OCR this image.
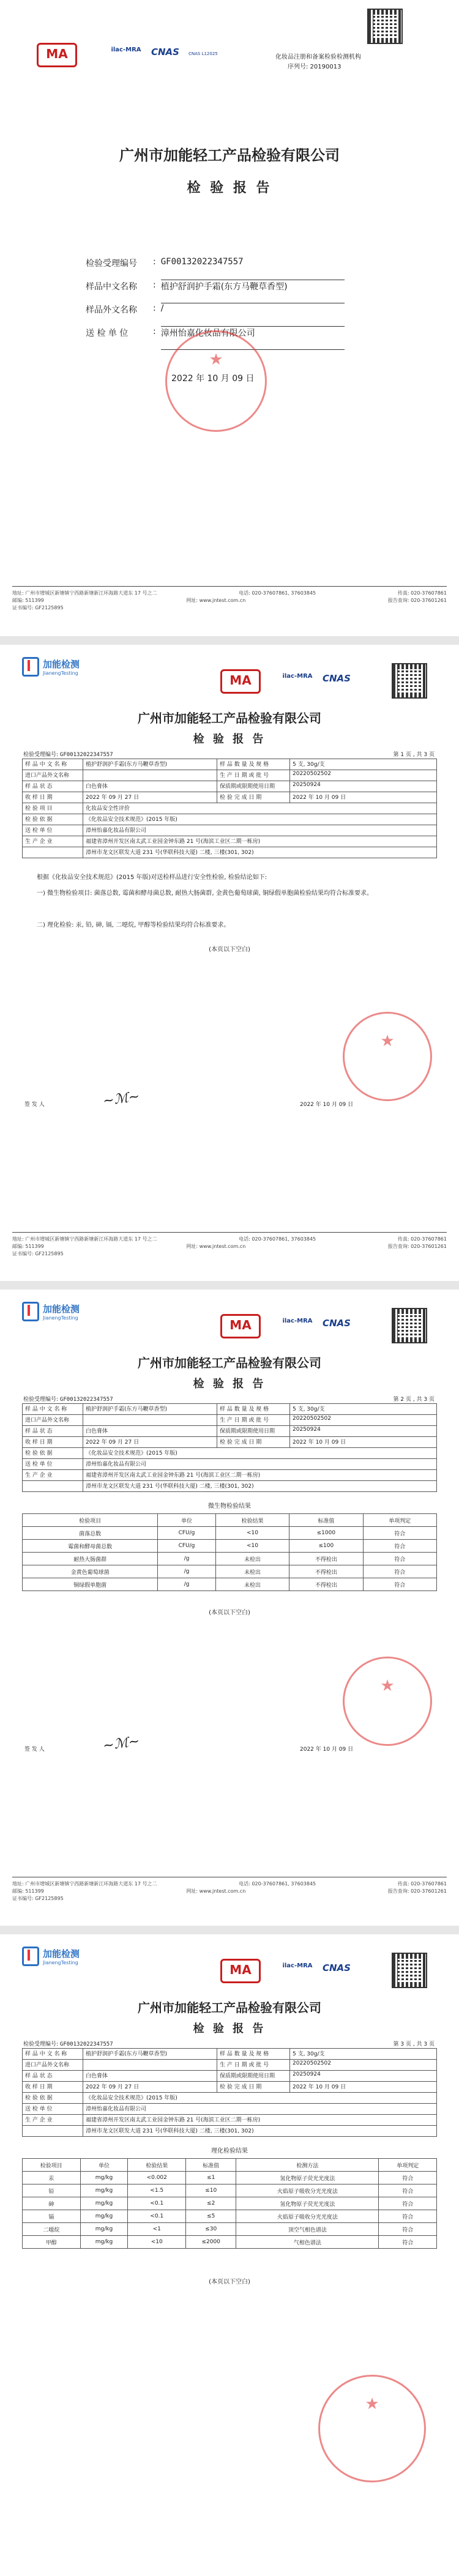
MA	ilac-MRA	CNAS	CNAS L12025	化妆品注册和备案检验检测机构
序列号: 20190013
广州市加能轻工产品检验有限公司
检 验 报 告
检验受理编号	: GF00132022347557
样品中文名称	: 植护舒润护手霜(东方马鞭草香型)
样品外文名称	: /
送 检 单 位	: 漳州怡嘉化妆品有限公司
★
2022 年 10 月 09 日
地址: 广州市增城区新塘镇宁西路新塘新江环海路大道东 17 号之二	电话: 020-37607861, 37603845	传真: 020-37607861
邮编: 511399	网址: www.jntest.com.cn	报告查询: 020-37601261
证书编号: GF2125895
加能检测
JianengTesting	MA	ilac-MRA	CNAS
广州市加能轻工产品检验有限公司
检 验 报 告
检验受理编号: GF00132022347557	第 1 页 , 共 3 页
样 品 中 文 名 称	植护舒润护手霜(东方马鞭草香型)	样 品 数 量 及 规 格	5 支, 30g/支
进口产品外文名称		生 产 日 期 或 批 号	20220502502
样 品 状 态	白色膏体	保质期或限期使用日期	20250924
收 样 日 期	2022 年 09 月 27 日	检 验 完 成 日 期	2022 年 10 月 09 日
检 验 项 目	化妆品安全性评价		
检 验 依 据	《化妆品安全技术规范》(2015 年版)		
送 检 单 位	漳州怡嘉化妆品有限公司		
生 产 企 业	福建省漳州开发区南太武工业园金钟东路 21 号(海滨工业区二期一栋房)		
	漳州市龙文区联发大道 231 号(华联科技大厦) 二楼, 三楼(301, 302)		
根据《化妆品安全技术规范》(2015 年版)对送检样品进行安全性检验, 检验结论如下:
一) 微生物检验项目: 菌落总数, 霉菌和酵母菌总数, 耐热大肠菌群, 金黄色葡萄球菌, 铜绿假单胞菌检验结果均符合标准要求。
二) 理化检验: 汞, 铅, 砷, 镉, 二噁烷, 甲醇等检验结果均符合标准要求。
(本页以下空白)
★
签 发 人	~ℳ~	2022 年 10 月 09 日
地址: 广州市增城区新塘镇宁西路新塘新江环海路大道东 17 号之二	电话: 020-37607861, 37603845	传真: 020-37607861
邮编: 511399	网址: www.jntest.com.cn	报告查询: 020-37601261
证书编号: GF2125895
加能检测
JianengTesting	MA	ilac-MRA	CNAS
广州市加能轻工产品检验有限公司
检 验 报 告
检验受理编号: GF00132022347557	第 2 页 , 共 3 页
样 品 中 文 名 称	植护舒润护手霜(东方马鞭草香型)	样 品 数 量 及 规 格	5 支, 30g/支
进口产品外文名称		生 产 日 期 或 批 号	20220502502
样 品 状 态	白色膏体	保质期或限期使用日期	20250924
收 样 日 期	2022 年 09 月 27 日	检 验 完 成 日 期	2022 年 10 月 09 日
检 验 依 据	《化妆品安全技术规范》(2015 年版)		
送 检 单 位	漳州怡嘉化妆品有限公司		
生 产 企 业	福建省漳州开发区南太武工业园金钟东路 21 号(海滨工业区二期一栋房)		
	漳州市龙文区联发大道 231 号(华联科技大厦) 二楼, 三楼(301, 302)		
微生物检验结果
检验项目	单位	检验结果	标准值	单项判定
菌落总数	CFU/g	<10	≤1000	符合
霉菌和酵母菌总数	CFU/g	<10	≤100	符合
耐热大肠菌群	/g	未检出	不得检出	符合
金黄色葡萄球菌	/g	未检出	不得检出	符合
铜绿假单胞菌	/g	未检出	不得检出	符合
(本页以下空白)
★
签 发 人	~ℳ~	2022 年 10 月 09 日
地址: 广州市增城区新塘镇宁西路新塘新江环海路大道东 17 号之二	电话: 020-37607861, 37603845	传真: 020-37607861
邮编: 511399	网址: www.jntest.com.cn	报告查询: 020-37601261
证书编号: GF2125895
加能检测
JianengTesting	MA	ilac-MRA	CNAS
广州市加能轻工产品检验有限公司
检 验 报 告
检验受理编号: GF00132022347557	第 3 页 , 共 3 页
样 品 中 文 名 称	植护舒润护手霜(东方马鞭草香型)	样 品 数 量 及 规 格	5 支, 30g/支
进口产品外文名称		生 产 日 期 或 批 号	20220502502
样 品 状 态	白色膏体	保质期或限期使用日期	20250924
收 样 日 期	2022 年 09 月 27 日	检 验 完 成 日 期	2022 年 10 月 09 日
检 验 依 据	《化妆品安全技术规范》(2015 年版)		
送 检 单 位	漳州怡嘉化妆品有限公司		
生 产 企 业	福建省漳州开发区南太武工业园金钟东路 21 号(海滨工业区二期一栋房)		
	漳州市龙文区联发大道 231 号(华联科技大厦) 二楼, 三楼(301, 302)		
理化检验结果
检验项目	单位	检验结果	标准值	检测方法	单项判定
汞	mg/kg	<0.002	≤1	氢化物原子荧光光度法	符合
铅	mg/kg	<1.5	≤10	火焰原子吸收分光光度法	符合
砷	mg/kg	<0.1	≤2	氢化物原子荧光光度法	符合
镉	mg/kg	<0.1	≤5	火焰原子吸收分光光度法	符合
二噁烷	mg/kg	<1	≤30	顶空气相色谱法	符合
甲醇	mg/kg	<10	≤2000	气相色谱法	符合
(本页以下空白)
★
